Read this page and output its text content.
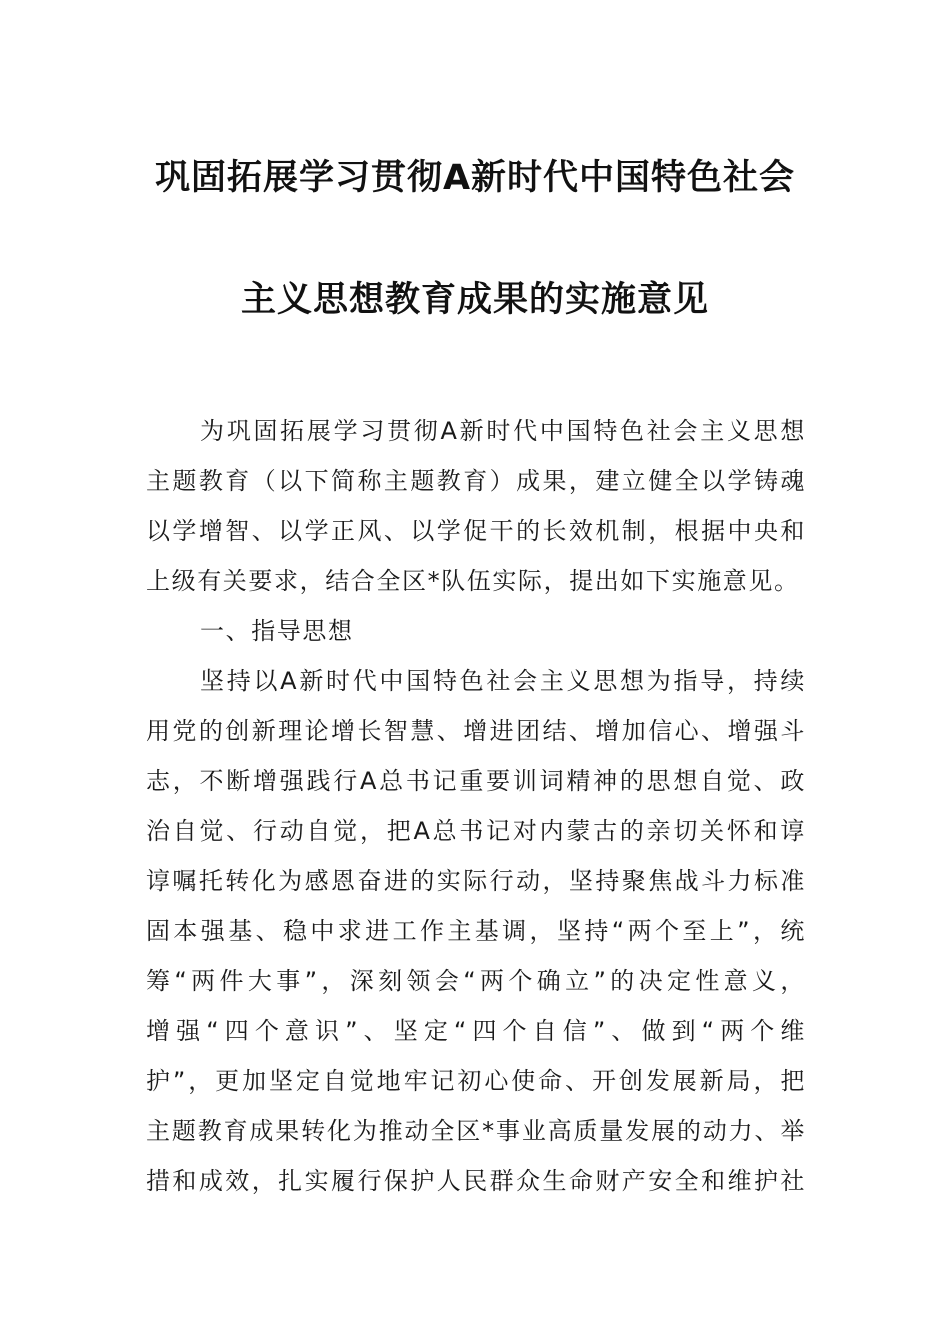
巩固拓展学习贯彻A新时代中国特色社会
主义思想教育成果的实施意见
为巩固拓展学习贯彻A新时代中国特色社会主义思想
主题教育（以下简称主题教育）成果，建立健全以学铸魂
以学增智、以学正风、以学促干的长效机制，根据中央和
上级有关要求，结合全区*队伍实际，提出如下实施意见。
一、指导思想
坚持以A新时代中国特色社会主义思想为指导，持续
用党的创新理论增长智慧、增进团结、增加信心、增强斗
志，不断增强践行A总书记重要训词精神的思想自觉、政
治自觉、行动自觉，把A总书记对内蒙古的亲切关怀和谆
谆嘱托转化为感恩奋进的实际行动，坚持聚焦战斗力标准
固本强基、稳中求进工作主基调，坚持“两个至上”，统
筹“两件大事”，深刻领会“两个确立”的决定性意义，
增强“四个意识”、坚定“四个自信”、做到“两个维
护”，更加坚定自觉地牢记初心使命、开创发展新局，把
主题教育成果转化为推动全区*事业高质量发展的动力、举
措和成效，扎实履行保护人民群众生命财产安全和维护社
